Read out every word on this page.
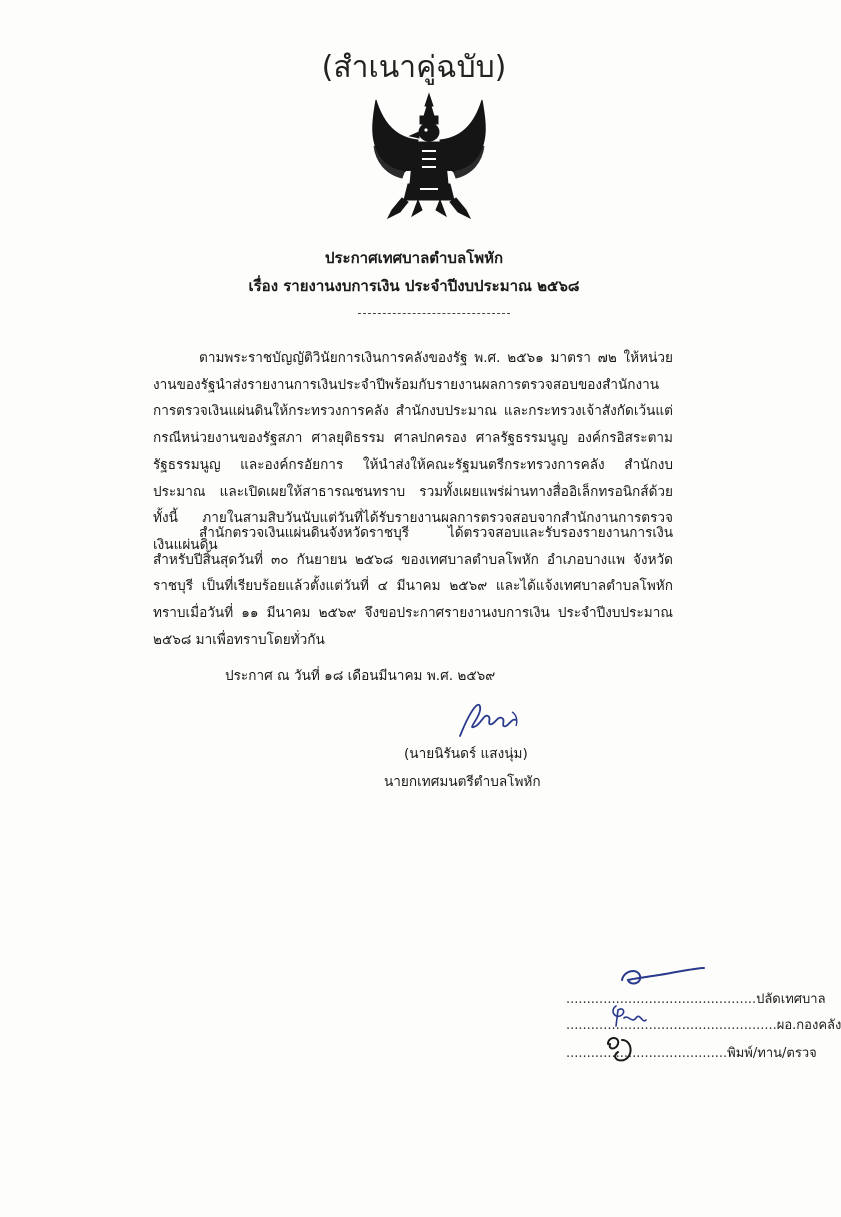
(สำเนาคู่ฉบับ)
ประกาศเทศบาลตำบลโพหัก
เรื่อง รายงานงบการเงิน ประจำปีงบประมาณ ๒๕๖๘
ตามพระราชบัญญัติวินัยการเงินการคลังของรัฐ พ.ศ. ๒๕๖๑ มาตรา ๗๒ ให้หน่วยงานของรัฐนำส่งรายงานการเงินประจำปีพร้อมกับรายงานผลการตรวจสอบของสำนักงานการตรวจเงินแผ่นดินให้กระทรวงการคลัง สำนักงบประมาณ และกระทรวงเจ้าสังกัดเว้นแต่กรณีหน่วยงานของรัฐสภา ศาลยุติธรรม ศาลปกครอง ศาลรัฐธรรมนูญ องค์กรอิสระตามรัฐธรรมนูญ และองค์กรอัยการ ให้นำส่งให้คณะรัฐมนตรีกระทรวงการคลัง สำนักงบประมาณ และเปิดเผยให้สาธารณชนทราบ รวมทั้งเผยแพร่ผ่านทางสื่ออิเล็กทรอนิกส์ด้วยทั้งนี้ ภายในสามสิบวันนับแต่วันที่ได้รับรายงานผลการตรวจสอบจากสำนักงานการตรวจเงินแผ่นดิน
สำนักตรวจเงินแผ่นดินจังหวัดราชบุรี ได้ตรวจสอบและรับรองรายงานการเงิน สำหรับปีสิ้นสุดวันที่ ๓๐ กันยายน ๒๕๖๘ ของเทศบาลตำบลโพหัก อำเภอบางแพ จังหวัดราชบุรี เป็นที่เรียบร้อยแล้วตั้งแต่วันที่ ๔ มีนาคม ๒๕๖๙ และได้แจ้งเทศบาลตำบลโพหักทราบเมื่อวันที่ ๑๑ มีนาคม ๒๕๖๙ จึงขอประกาศรายงานงบการเงิน ประจำปีงบประมาณ ๒๕๖๘ มาเพื่อทราบโดยทั่วกัน
ประกาศ ณ วันที่ ๑๘ เดือนมีนาคม พ.ศ. ๒๕๖๙
(นายนิรันดร์ แสงนุ่ม)
นายกเทศมนตรีตำบลโพหัก
..............................................ปลัดเทศบาล
...................................................ผอ.กองคลัง
.......................................พิมพ์/ทาน/ตรวจ
